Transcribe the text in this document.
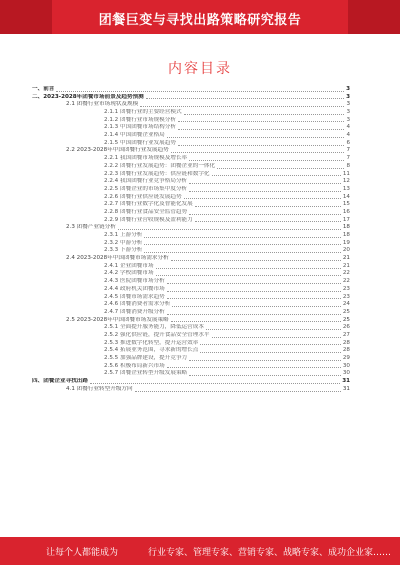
团餐巨变与寻找出路策略研究报告
内容目录
一、前言	3
二、2023-2028年团餐市场前景及趋势预测	3
2.1 团餐行业市场现状及规模	3
2.1.1 团餐行业的主要经营模式	3
2.1.2 团餐行业市场规模分析	3
2.1.3 中国团餐市场结构分析	4
2.1.4 中国团餐企业格局	4
2.1.5 中国团餐行业发展趋势	6
2.2 2023-2028年中国团餐行业发展趋势	7
2.2.1 我国团餐市场规模及增长率	7
2.2.2 团餐行业发展趋势：团餐企业的一体化	8
2.2.3 团餐行业发展趋势：供应链和数字化	11
2.2.4 我国团餐行业竞争格局分析	12
2.2.5 团餐企业的市场集中度分析	13
2.2.6 团餐行业供应链发展趋势	14
2.2.7 团餐行业数字化及智能化发展	15
2.2.8 团餐行业食品安全监管趋势	16
2.2.9 团餐行业营收规模及盈利能力	17
2.3 团餐产业链分析	18
2.3.1 上游分析	18
2.3.2 中游分析	19
2.3.3 下游分析	20
2.4 2023-2028年中国团餐市场需求分析	21
2.4.1 企业团餐市场	21
2.4.2 学校团餐市场	22
2.4.3 医院团餐市场分析	22
2.4.4 政府机关团餐市场	23
2.4.5 团餐市场需求趋势	23
2.4.6 团餐消费者需求分析	24
2.4.7 团餐消费升级分析	25
2.5 2023-2028年中国团餐市场发展策略	25
2.5.1 全面提升服务能力，降低运营成本	26
2.5.2 强化供应链，提升食品安全管理水平	27
2.5.3 推进数字化转型，提升运营效率	28
2.5.4 拓展业务范围，寻求新的增长点	28
2.5.5 加强品牌建设，提升竞争力	29
2.5.6 积极布局新兴市场	30
2.5.7 团餐企业转型升级发展策略	30
四、团餐企业寻找出路	31
4.1 团餐行业转型升级方向	31
让每个人都能成为	行业专家、管理专家、营销专家、战略专家、成功企业家……
